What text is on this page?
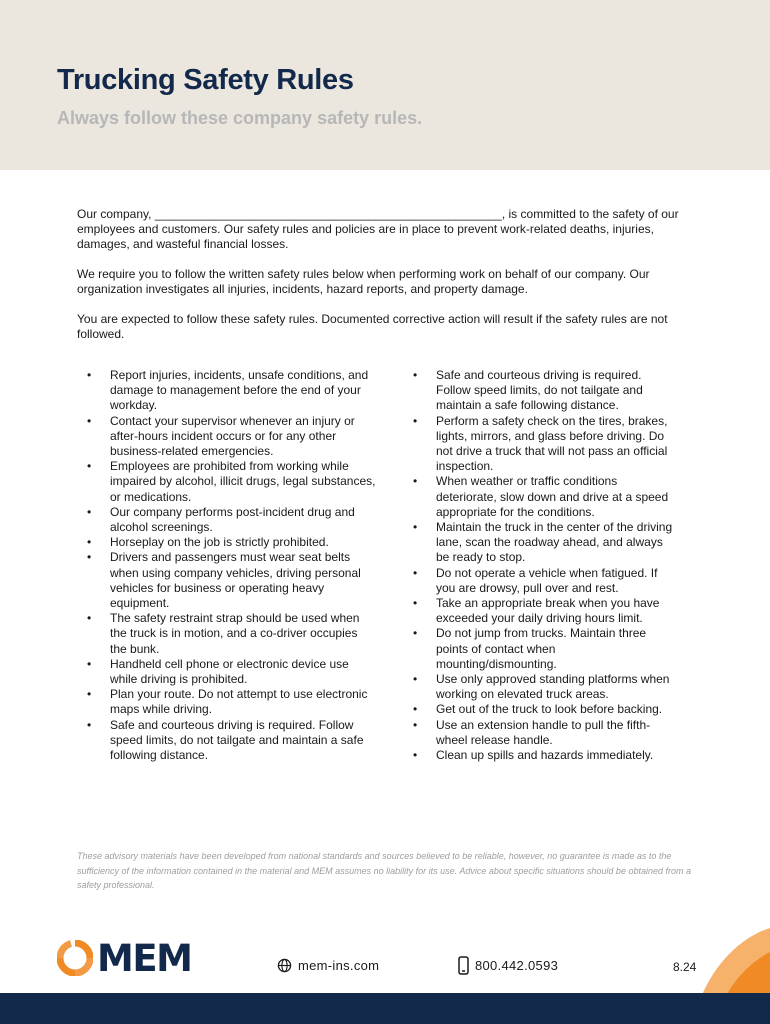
Trucking Safety Rules
Always follow these company safety rules.

Our company, ____________________________________________________, is committed to the safety of our employees and customers. Our safety rules and policies are in place to prevent work-related deaths, injuries, damages, and wasteful financial losses.

We require you to follow the written safety rules below when performing work on behalf of our company. Our organization investigates all injuries, incidents, hazard reports, and property damage.

You are expected to follow these safety rules. Documented corrective action will result if the safety rules are not followed.

• Report injuries, incidents, unsafe conditions, and damage to management before the end of your workday.
• Contact your supervisor whenever an injury or after-hours incident occurs or for any other business-related emergencies.
• Employees are prohibited from working while impaired by alcohol, illicit drugs, legal substances, or medications.
• Our company performs post-incident drug and alcohol screenings.
• Horseplay on the job is strictly prohibited.
• Drivers and passengers must wear seat belts when using company vehicles, driving personal vehicles for business or operating heavy equipment.
• The safety restraint strap should be used when the truck is in motion, and a co-driver occupies the bunk.
• Handheld cell phone or electronic device use while driving is prohibited.
• Plan your route. Do not attempt to use electronic maps while driving.
• Safe and courteous driving is required. Follow speed limits, do not tailgate and maintain a safe following distance.
• Safe and courteous driving is required. Follow speed limits, do not tailgate and maintain a safe following distance.
• Perform a safety check on the tires, brakes, lights, mirrors, and glass before driving. Do not drive a truck that will not pass an official inspection.
• When weather or traffic conditions deteriorate, slow down and drive at a speed appropriate for the conditions.
• Maintain the truck in the center of the driving lane, scan the roadway ahead, and always be ready to stop.
• Do not operate a vehicle when fatigued. If you are drowsy, pull over and rest.
• Take an appropriate break when you have exceeded your daily driving hours limit.
• Do not jump from trucks. Maintain three points of contact when mounting/dismounting.
• Use only approved standing platforms when working on elevated truck areas.
• Get out of the truck to look before backing.
• Use an extension handle to pull the fifth-wheel release handle.
• Clean up spills and hazards immediately.
These advisory materials have been developed from national standards and sources believed to be reliable, however, no guarantee is made as to the sufficiency of the information contained in the material and MEM assumes no liability for its use. Advice about specific situations should be obtained from a safety professional.
MEM	mem-ins.com	800.442.0593	8.24
